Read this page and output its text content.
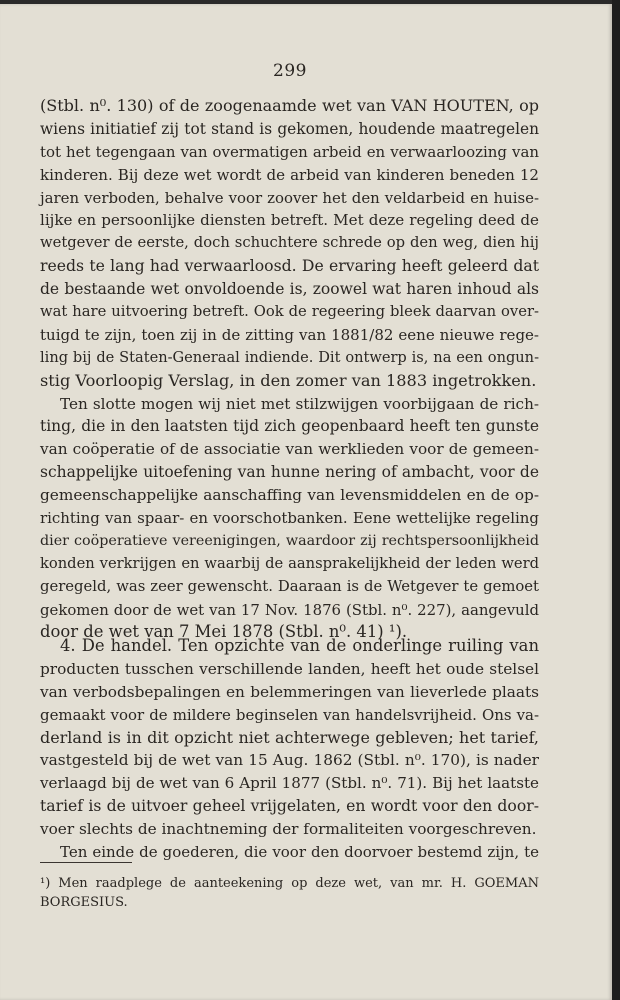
299
(Stbl. n⁰. 130) of de zoogenaamde wet van VAN HOUTEN, op
wiens initiatief zij tot stand is gekomen, houdende maatregelen
tot het tegengaan van overmatigen arbeid en verwaarloozing van
kinderen. Bij deze wet wordt de arbeid van kinderen beneden 12
jaren verboden, behalve voor zoover het den veldarbeid en huise-
lijke en persoonlijke diensten betreft. Met deze regeling deed de
wetgever de eerste, doch schuchtere schrede op den weg, dien hij
reeds te lang had verwaarloosd. De ervaring heeft geleerd dat
de bestaande wet onvoldoende is, zoowel wat haren inhoud als
wat hare uitvoering betreft. Ook de regeering bleek daarvan over-
tuigd te zijn, toen zij in de zitting van 1881/82 eene nieuwe rege-
ling bij de Staten-Generaal indiende. Dit ontwerp is, na een ongun-
stig Voorloopig Verslag, in den zomer van 1883 ingetrokken.
Ten slotte mogen wij niet met stilzwijgen voorbijgaan de rich-
ting, die in den laatsten tijd zich geopenbaard heeft ten gunste
van coöperatie of de associatie van werklieden voor de gemeen-
schappelijke uitoefening van hunne nering of ambacht, voor de
gemeenschappelijke aanschaffing van levensmiddelen en de op-
richting van spaar- en voorschotbanken. Eene wettelijke regeling
dier coöperatieve vereenigingen, waardoor zij rechtspersoonlijkheid
konden verkrijgen en waarbij de aansprakelijkheid der leden werd
geregeld, was zeer gewenscht. Daaraan is de Wetgever te gemoet
gekomen door de wet van 17 Nov. 1876 (Stbl. n⁰. 227), aangevuld
door de wet van 7 Mei 1878 (Stbl. n⁰. 41) ¹).
4. De handel. Ten opzichte van de onderlinge ruiling van
producten tusschen verschillende landen, heeft het oude stelsel
van verbodsbepalingen en belemmeringen van lieverlede plaats
gemaakt voor de mildere beginselen van handelsvrijheid. Ons va-
derland is in dit opzicht niet achterwege gebleven; het tarief,
vastgesteld bij de wet van 15 Aug. 1862 (Stbl. n⁰. 170), is nader
verlaagd bij de wet van 6 April 1877 (Stbl. n⁰. 71). Bij het laatste
tarief is de uitvoer geheel vrijgelaten, en wordt voor den door-
voer slechts de inachtneming der formaliteiten voorgeschreven.
Ten einde de goederen, die voor den doorvoer bestemd zijn, te
¹) Men raadplege de aanteekening op deze wet, van mr. H. GOEMAN
BORGESIUS.
